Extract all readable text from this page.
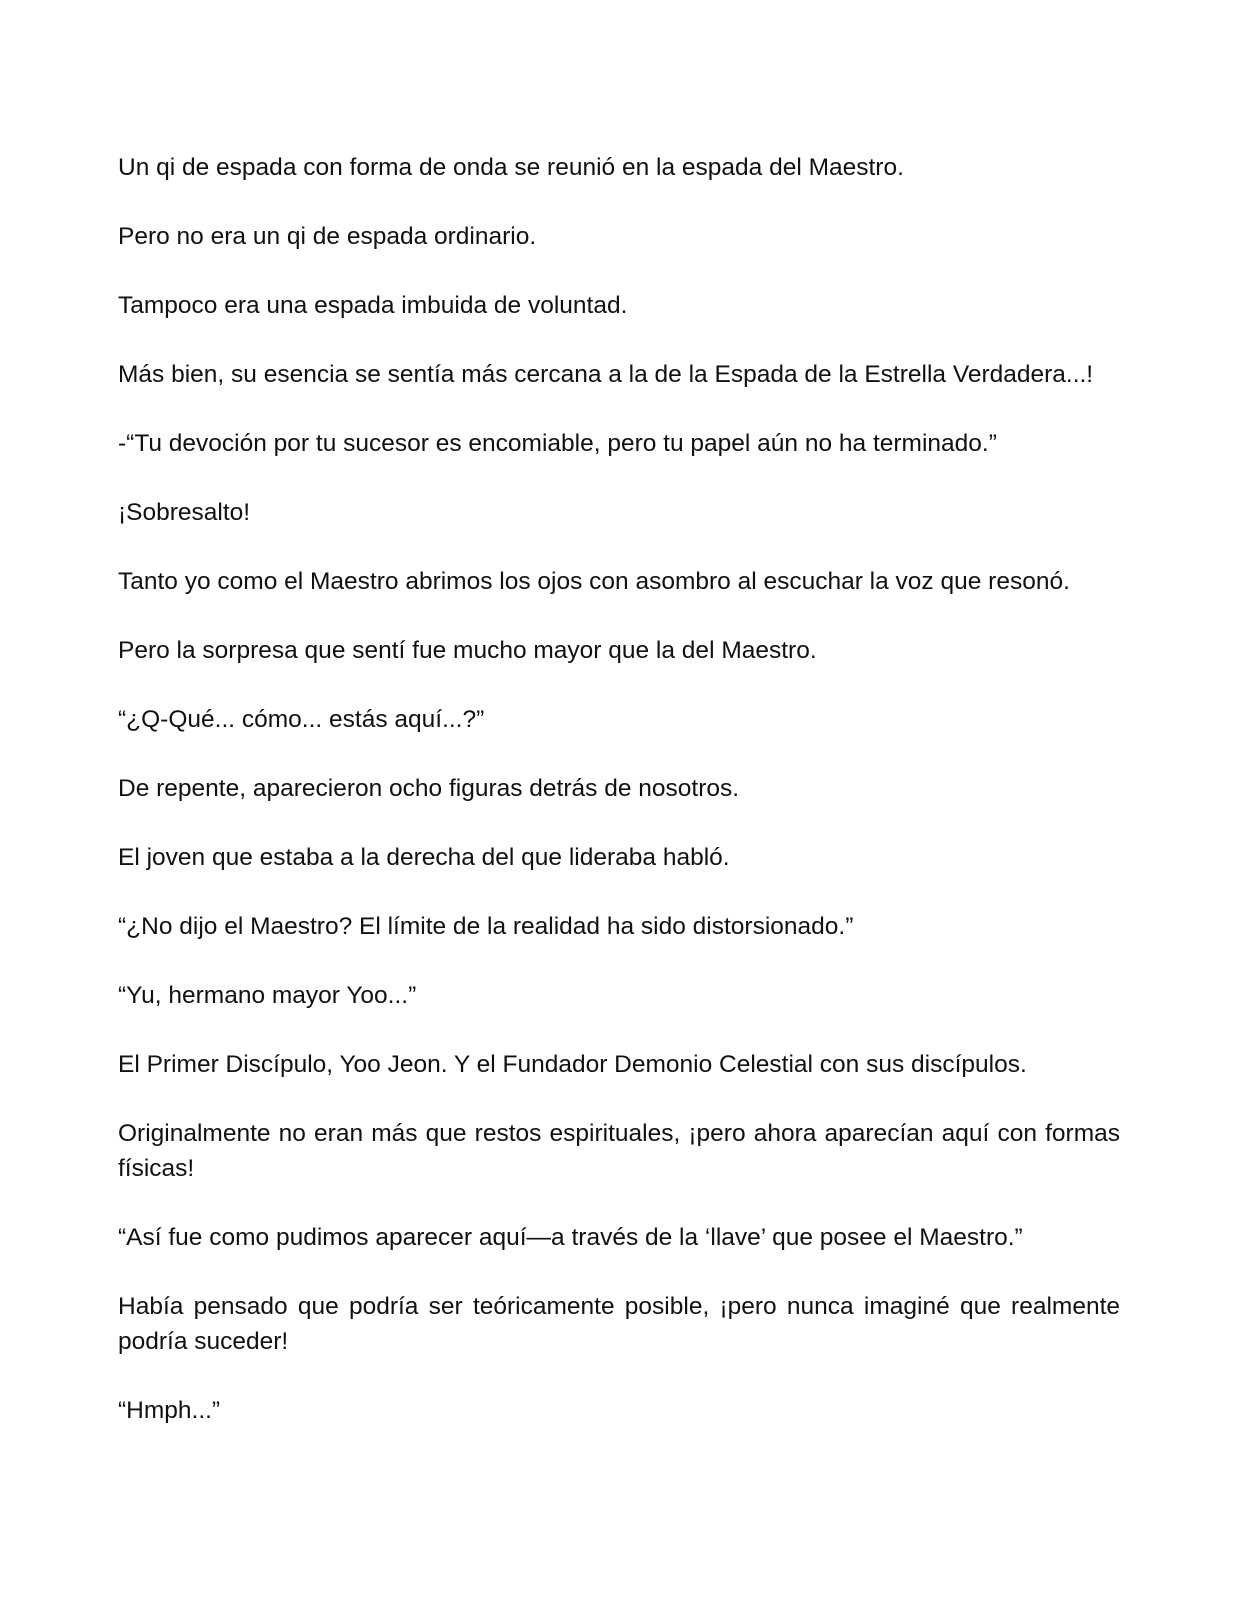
Un qi de espada con forma de onda se reunió en la espada del Maestro.

Pero no era un qi de espada ordinario.

Tampoco era una espada imbuida de voluntad.

Más bien, su esencia se sentía más cercana a la de la Espada de la Estrella Verdadera...!

-“Tu devoción por tu sucesor es encomiable, pero tu papel aún no ha terminado.”

¡Sobresalto!

Tanto yo como el Maestro abrimos los ojos con asombro al escuchar la voz que resonó.

Pero la sorpresa que sentí fue mucho mayor que la del Maestro.

“¿Q-Qué... cómo... estás aquí...?”

De repente, aparecieron ocho figuras detrás de nosotros.

El joven que estaba a la derecha del que lideraba habló.

“¿No dijo el Maestro? El límite de la realidad ha sido distorsionado.”

“Yu, hermano mayor Yoo...”

El Primer Discípulo, Yoo Jeon. Y el Fundador Demonio Celestial con sus discípulos.

Originalmente no eran más que restos espirituales, ¡pero ahora aparecían aquí con formas físicas!

“Así fue como pudimos aparecer aquí—a través de la ‘llave’ que posee el Maestro.”

Había pensado que podría ser teóricamente posible, ¡pero nunca imaginé que realmente podría suceder!

“Hmph...”
